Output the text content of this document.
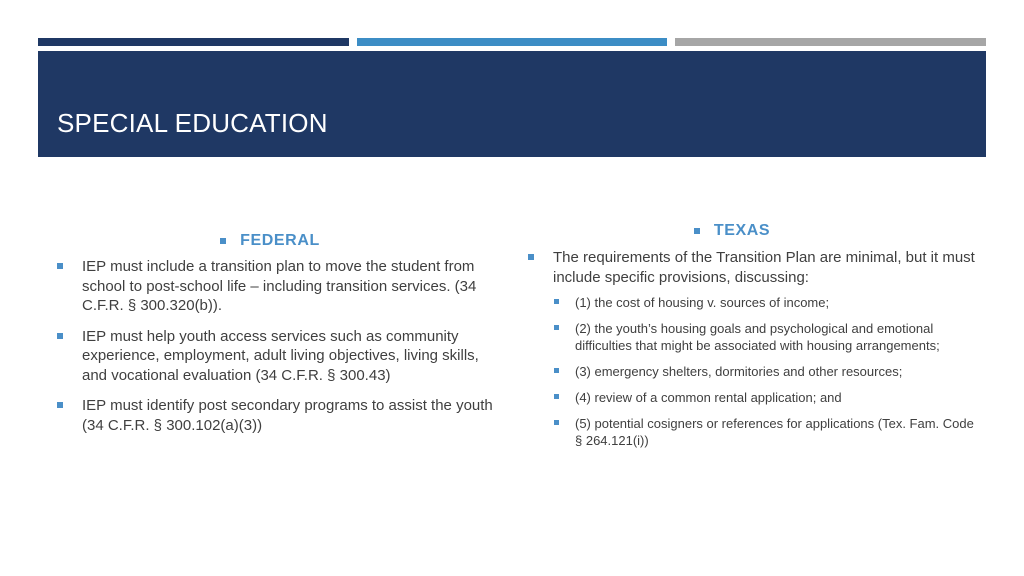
SPECIAL EDUCATION
FEDERAL
IEP must include a transition plan to move the student from school to post-school life – including transition services. (34 C.F.R. § 300.320(b)).
IEP must help youth access services such as community experience, employment, adult living objectives, living skills, and vocational evaluation (34 C.F.R. § 300.43)
IEP must identify post secondary programs to assist the youth (34 C.F.R. § 300.102(a)(3))
TEXAS
The requirements of the Transition Plan are minimal, but it must include specific provisions, discussing:
(1) the cost of housing v. sources of income;
(2) the youth’s housing goals and psychological and emotional difficulties that might be associated with housing arrangements;
(3) emergency shelters, dormitories and other resources;
(4) review of a common rental application; and
(5) potential cosigners or references for applications (Tex. Fam. Code § 264.121(i))
